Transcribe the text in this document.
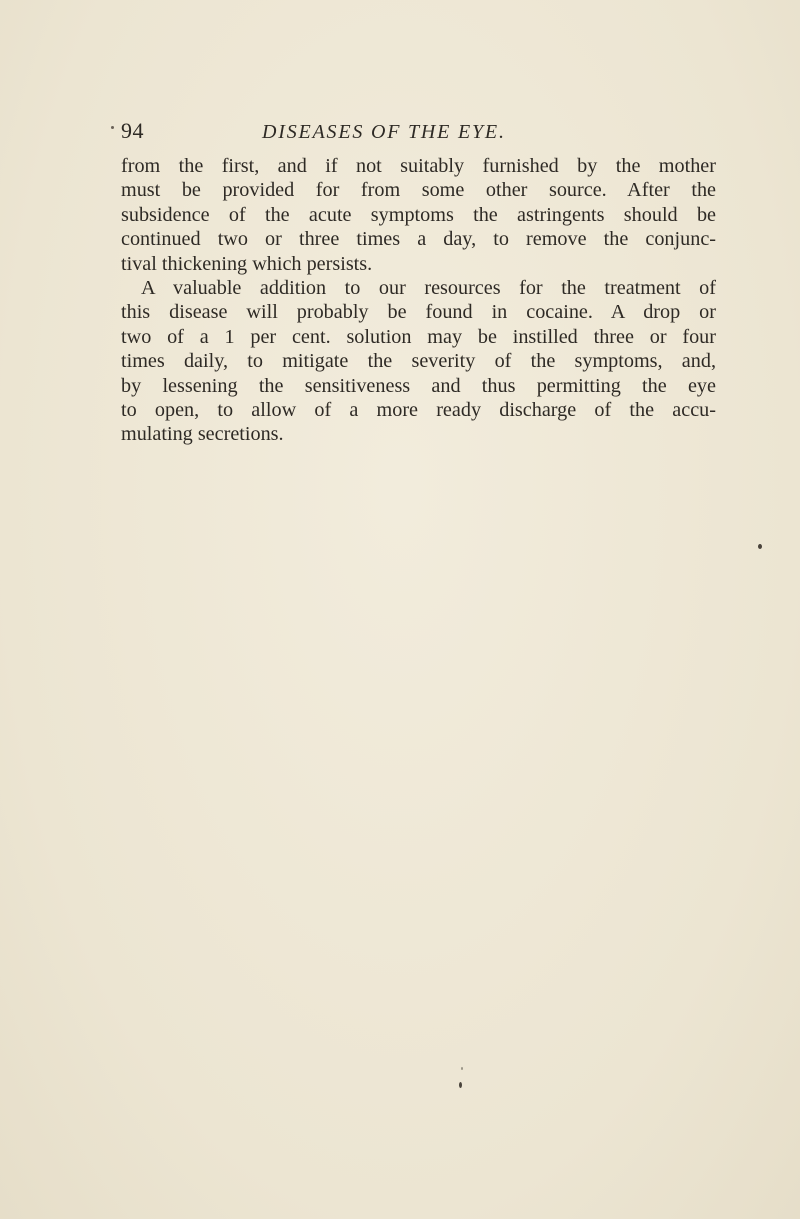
94	DISEASES OF THE EYE.
from the first, and if not suitably furnished by the mother
must be provided for from some other source. After the
subsidence of the acute symptoms the astringents should be
continued two or three times a day, to remove the conjunc-
tival thickening which persists.
A valuable addition to our resources for the treatment of
this disease will probably be found in cocaine. A drop or
two of a 1 per cent. solution may be instilled three or four
times daily, to mitigate the severity of the symptoms, and,
by lessening the sensitiveness and thus permitting the eye
to open, to allow of a more ready discharge of the accu-
mulating secretions.
